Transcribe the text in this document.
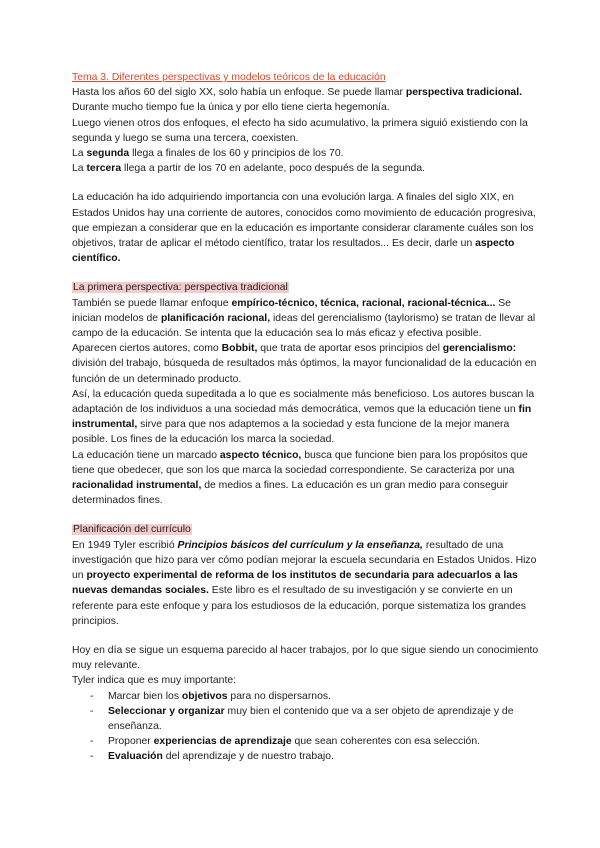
Tema 3. Diferentes perspectivas y modelos teóricos de la educación

Hasta los años 60 del siglo XX, solo había un enfoque. Se puede llamar perspectiva tradicional. Durante mucho tiempo fue la única y por ello tiene cierta hegemonía.

Luego vienen otros dos enfoques, el efecto ha sido acumulativo, la primera siguió existiendo con la segunda y luego se suma una tercera, coexisten.

La segunda llega a finales de los 60 y principios de los 70.

La tercera llega a partir de los 70 en adelante, poco después de la segunda.

La educación ha ido adquiriendo importancia con una evolución larga. A finales del siglo XIX, en Estados Unidos hay una corriente de autores, conocidos como movimiento de educación progresiva, que empiezan a considerar que en la educación es importante considerar claramente cuáles son los objetivos, tratar de aplicar el método científico, tratar los resultados... Es decir, darle un aspecto científico.

La primera perspectiva: perspectiva tradicional

También se puede llamar enfoque empírico-técnico, técnica, racional, racional-técnica... Se inician modelos de planificación racional, ideas del gerencialismo (taylorismo) se tratan de llevar al campo de la educación. Se intenta que la educación sea lo más eficaz y efectiva posible.

Aparecen ciertos autores, como Bobbit, que trata de aportar esos principios del gerencialismo: división del trabajo, búsqueda de resultados más óptimos, la mayor funcionalidad de la educación en función de un determinado producto.

Así, la educación queda supeditada a lo que es socialmente más beneficioso. Los autores buscan la adaptación de los individuos a una sociedad más democrática, vemos que la educación tiene un fin instrumental, sirve para que nos adaptemos a la sociedad y esta funcione de la mejor manera posible. Los fines de la educación los marca la sociedad.

La educación tiene un marcado aspecto técnico, busca que funcione bien para los propósitos que tiene que obedecer, que son los que marca la sociedad correspondiente. Se caracteriza por una racionalidad instrumental, de medios a fines. La educación es un gran medio para conseguir determinados fines.

Planificación del currículo

En 1949 Tyler escribió Principios básicos del currículum y la enseñanza, resultado de una investigación que hizo para ver cómo podían mejorar la escuela secundaria en Estados Unidos. Hizo un proyecto experimental de reforma de los institutos de secundaria para adecuarlos a las nuevas demandas sociales. Este libro es el resultado de su investigación y se convierte en un referente para este enfoque y para los estudiosos de la educación, porque sistematiza los grandes principios.

Hoy en día se sigue un esquema parecido al hacer trabajos, por lo que sigue siendo un conocimiento muy relevante.

Tyler indica que es muy importante:

- Marcar bien los objetivos para no dispersarnos.
- Seleccionar y organizar muy bien el contenido que va a ser objeto de aprendizaje y de enseñanza.
- Proponer experiencias de aprendizaje que sean coherentes con esa selección.
- Evaluación del aprendizaje y de nuestro trabajo.
